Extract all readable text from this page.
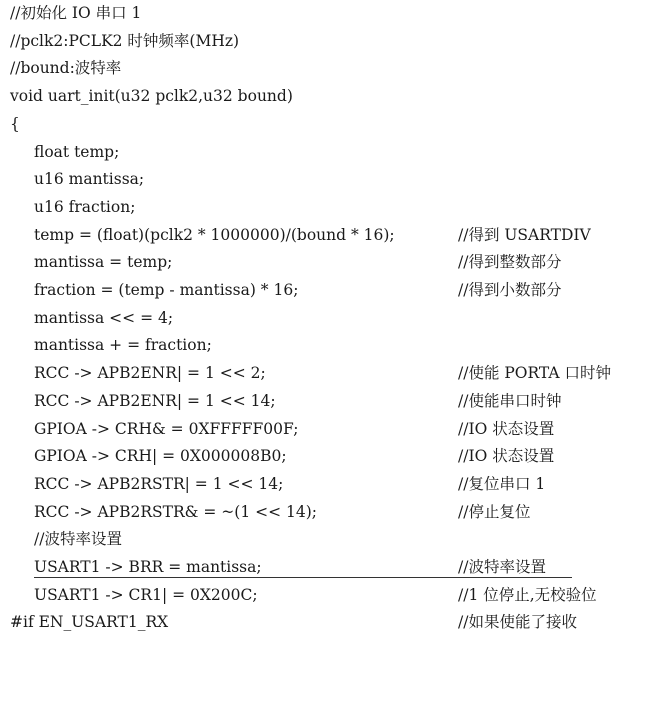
//初始化 IO 串口 1

//pclk2:PCLK2 时钟频率(MHz)

//bound:波特率

void uart_init(u32 pclk2,u32 bound)

{

float temp;

u16 mantissa;

u16 fraction;

temp = (float)(pclk2 * 1000000)/(bound * 16);

	//得到 USARTDIV

mantissa = temp;

	//得到整数部分

fraction = (temp - mantissa) * 16;

	//得到小数部分

mantissa << = 4;

mantissa + = fraction;

RCC -> APB2ENR| = 1 << 2;

	//使能 PORTA 口时钟

RCC -> APB2ENR| = 1 << 14;

	//使能串口时钟

GPIOA -> CRH& = 0XFFFFF00F;

	//IO 状态设置

GPIOA -> CRH| = 0X000008B0;

	//IO 状态设置

RCC -> APB2RSTR| = 1 << 14;

	//复位串口 1

RCC -> APB2RSTR& = ~(1 << 14);

	//停止复位

//波特率设置

USART1 -> BRR = mantissa;

	//波特率设置

USART1 -> CR1| = 0X200C;

	//1 位停止,无校验位

#if EN_USART1_RX

	//如果使能了接收
